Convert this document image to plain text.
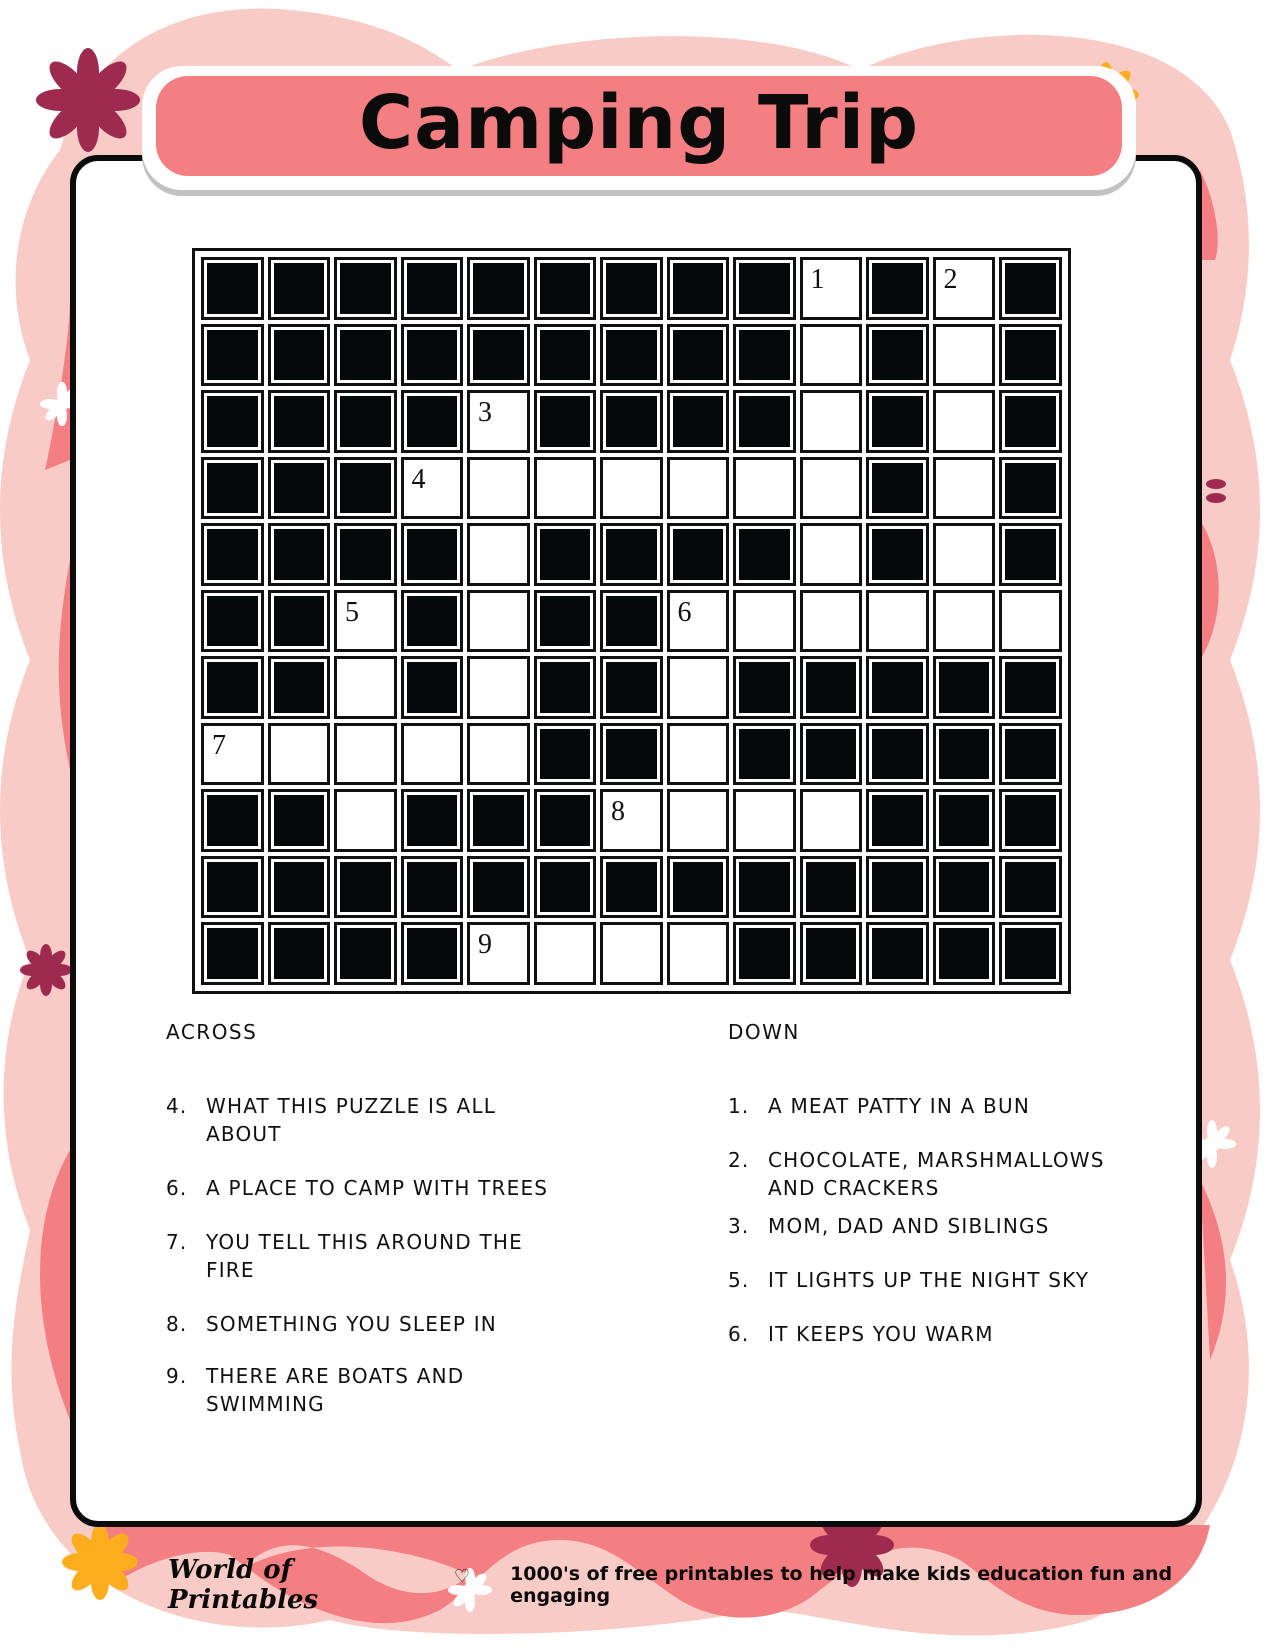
Camping Trip
1	2
3
4
5	6
7
8
9
ACROSS
4. WHAT THIS PUZZLE IS ALL ABOUT
6. A PLACE TO CAMP WITH TREES
7. YOU TELL THIS AROUND THE FIRE
8. SOMETHING YOU SLEEP IN
9. THERE ARE BOATS AND SWIMMING
DOWN
1. A MEAT PATTY IN A BUN
2. CHOCOLATE, MARSHMALLOWS AND CRACKERS
3. MOM, DAD AND SIBLINGS
5. IT LIGHTS UP THE NIGHT SKY
6. IT KEEPS YOU WARM
World of Printables
♡ 1000's of free printables to help make kids education fun and engaging
